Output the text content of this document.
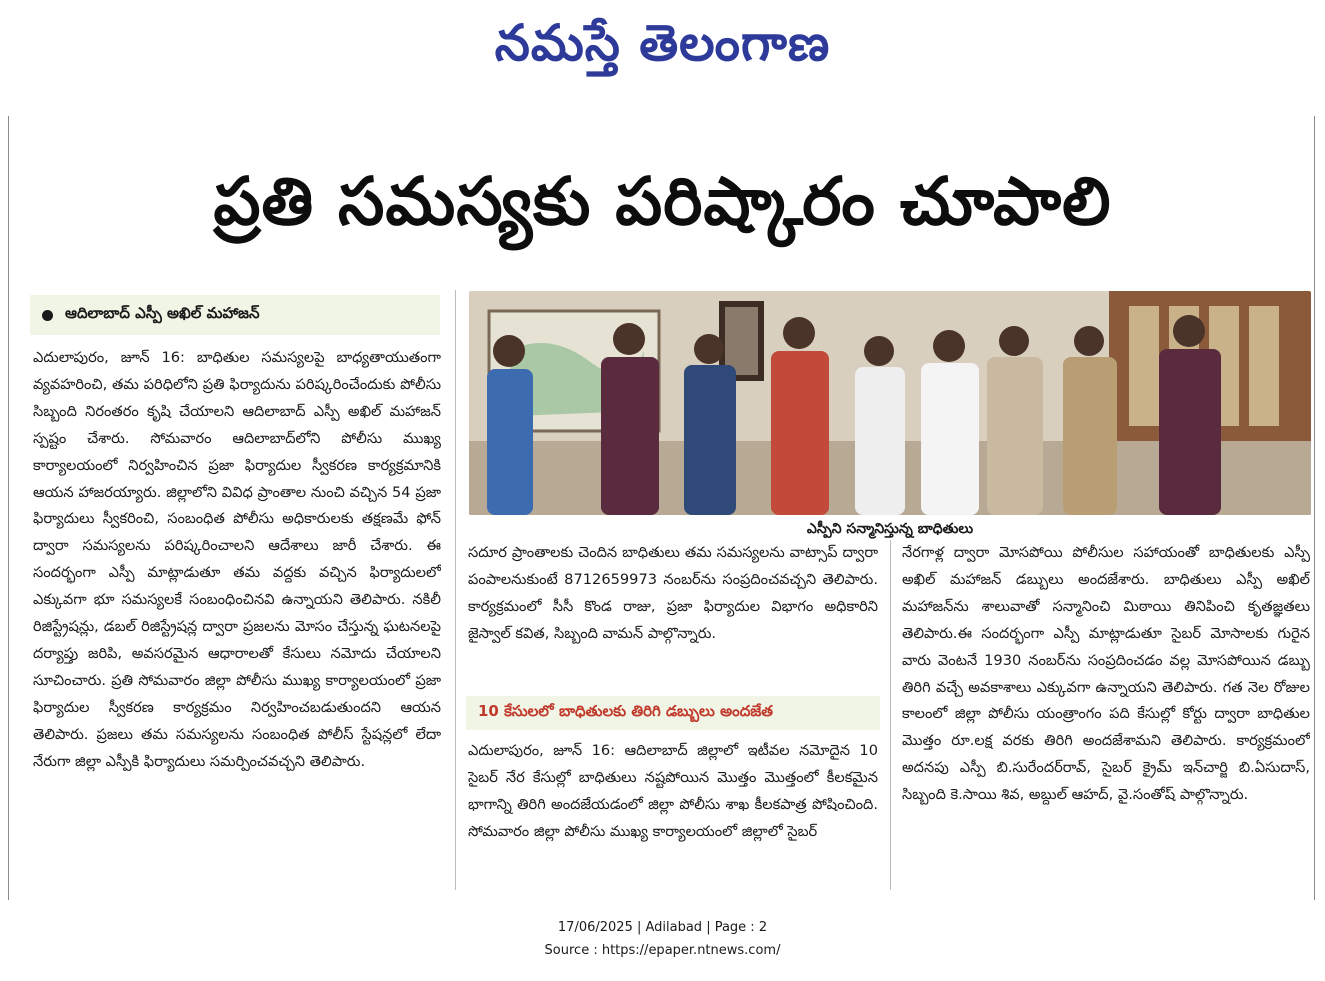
నమస్తే తెలంగాణ
ప్రతి సమస్యకు పరిష్కారం చూపాలి
ఆదిలాబాద్ ఎస్పీ అఖిల్ మహాజన్

ఎదులాపురం, జూన్ 16: బాధితుల సమస్యలపై బాధ్యతాయుతంగా వ్యవహరించి, తమ పరిధిలోని ప్రతి ఫిర్యాదును పరిష్కరించేందుకు పోలీసు సిబ్బంది నిరంతరం కృషి చేయాలని ఆదిలాబాద్ ఎస్పీ అఖిల్ మహాజన్ స్పష్టం చేశారు. సోమవారం ఆదిలాబాద్‌లోని పోలీసు ముఖ్య కార్యాలయంలో నిర్వహించిన ప్రజా ఫిర్యాదుల స్వీకరణ కార్యక్రమానికి ఆయన హాజరయ్యారు. జిల్లాలోని వివిధ ప్రాంతాల నుంచి వచ్చిన 54 ప్రజా ఫిర్యాదులు స్వీకరించి, సంబంధిత పోలీసు అధికారులకు తక్షణమే ఫోన్ ద్వారా సమస్యలను పరిష్కరించాలని ఆదేశాలు జారీ చేశారు. ఈ సందర్భంగా ఎస్పీ మాట్లాడుతూ తమ వద్దకు వచ్చిన ఫిర్యాదులలో ఎక్కువగా భూ సమస్యలకే సంబంధించినవి ఉన్నాయని తెలిపారు. నకిలీ రిజిస్ట్రేషన్లు, డబల్ రిజిస్ట్రేషన్ల ద్వారా ప్రజలను మోసం చేస్తున్న ఘటనలపై దర్యాప్తు జరిపి, అవసరమైన ఆధారాలతో కేసులు నమోదు చేయాలని సూచించారు. ప్రతి సోమవారం జిల్లా పోలీసు ముఖ్య కార్యాలయంలో ప్రజా ఫిర్యాదుల స్వీకరణ కార్యక్రమం నిర్వహించబడుతుందని ఆయన తెలిపారు. ప్రజలు తమ సమస్యలను సంబంధిత పోలీస్ స్టేషన్లలో లేదా నేరుగా జిల్లా ఎస్పీకి ఫిర్యాదులు సమర్పించవచ్చని తెలిపారు.

ఎస్పీని సన్మానిస్తున్న బాధితులు

సదూర ప్రాంతాలకు చెందిన బాధితులు తమ సమస్యలను వాట్సాప్ ద్వారా పంపాలనుకుంటే 8712659973 నంబర్‌ను సంప్రదించవచ్చని తెలిపారు. కార్యక్రమంలో సీసీ కొండ రాజు, ప్రజా ఫిర్యాదుల విభాగం అధికారిని జైస్వాల్ కవిత, సిబ్బంది వామన్ పాల్గొన్నారు.

10 కేసులలో బాధితులకు తిరిగి డబ్బులు అందజేత

ఎదులాపురం, జూన్ 16: ఆదిలాబాద్ జిల్లాలో ఇటీవల నమోదైన 10 సైబర్ నేర కేసుల్లో బాధితులు నష్టపోయిన మొత్తం మొత్తంలో కీలకమైన భాగాన్ని తిరిగి అందజేయడంలో జిల్లా పోలీసు శాఖ కీలకపాత్ర పోషించింది. సోమవారం జిల్లా పోలీసు ముఖ్య కార్యాలయంలో జిల్లాలో సైబర్

నేరగాళ్ల ద్వారా మోసపోయి పోలీసుల సహాయంతో బాధితులకు ఎస్పీ అఖిల్ మహాజన్ డబ్బులు అందజేశారు. బాధితులు ఎస్పీ అఖిల్ మహాజన్‌ను శాలువాతో సన్మానించి మిఠాయి తినిపించి కృతజ్ఞతలు తెలిపారు.ఈ సందర్భంగా ఎస్పీ మాట్లాడుతూ సైబర్ మోసాలకు గురైన వారు వెంటనే 1930 నంబర్‌ను సంప్రదించడం వల్ల మోసపోయిన డబ్బు తిరిగి వచ్చే అవకాశాలు ఎక్కువగా ఉన్నాయని తెలిపారు. గత నెల రోజుల కాలంలో జిల్లా పోలీసు యంత్రాంగం పది కేసుల్లో కోర్టు ద్వారా బాధితుల మొత్తం రూ.లక్ష వరకు తిరిగి అందజేశామని తెలిపారు. కార్యక్రమంలో అదనపు ఎస్పీ బి.సురేందర్‌రావ్, సైబర్ క్రైమ్ ఇన్‌చార్జి బి.ఏసుదాస్, సిబ్బంది కె.సాయి శివ, అబ్దుల్ ఆహద్, వై.సంతోష్ పాల్గొన్నారు.

17/06/2025 | Adilabad | Page : 2
Source : https://epaper.ntnews.com/
